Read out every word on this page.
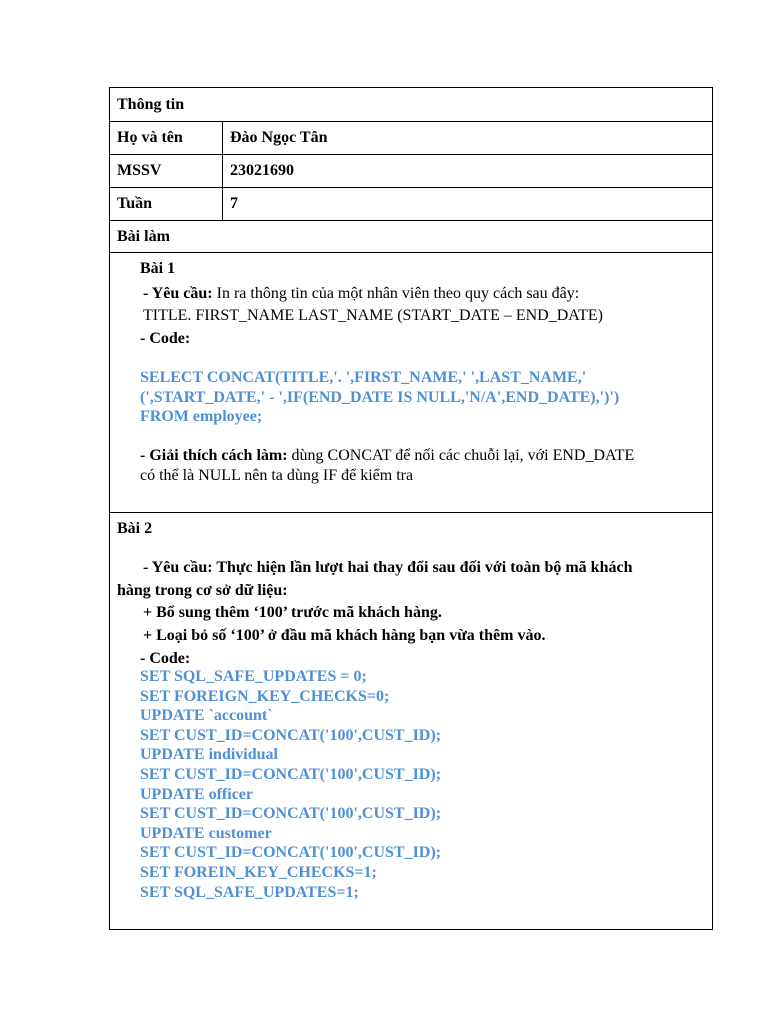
Thông tin
Họ và tên	Đào Ngọc Tân
MSSV	23021690
Tuần	7
Bài làm
Bài 1
- Yêu cầu: In ra thông tin của một nhân viên theo quy cách sau đây:
TITLE. FIRST_NAME LAST_NAME (START_DATE – END_DATE)
- Code:
SELECT CONCAT(TITLE,'. ',FIRST_NAME,' ',LAST_NAME,'
(',START_DATE,' - ',IF(END_DATE IS NULL,'N/A',END_DATE),')')
FROM employee;
- Giải thích cách làm: dùng CONCAT để nối các chuỗi lại, với END_DATE
có thể là NULL nên ta dùng IF để kiểm tra
Bài 2
- Yêu cầu: Thực hiện lần lượt hai thay đổi sau đối với toàn bộ mã khách
hàng trong cơ sở dữ liệu:
+ Bổ sung thêm ‘100’ trước mã khách hàng.
+ Loại bỏ số ‘100’ ở đầu mã khách hàng bạn vừa thêm vào.
- Code:
SET SQL_SAFE_UPDATES = 0;
SET FOREIGN_KEY_CHECKS=0;
UPDATE `account`
SET CUST_ID=CONCAT('100',CUST_ID);
UPDATE individual
SET CUST_ID=CONCAT('100',CUST_ID);
UPDATE officer
SET CUST_ID=CONCAT('100',CUST_ID);
UPDATE customer
SET CUST_ID=CONCAT('100',CUST_ID);
SET FOREIN_KEY_CHECKS=1;
SET SQL_SAFE_UPDATES=1;
